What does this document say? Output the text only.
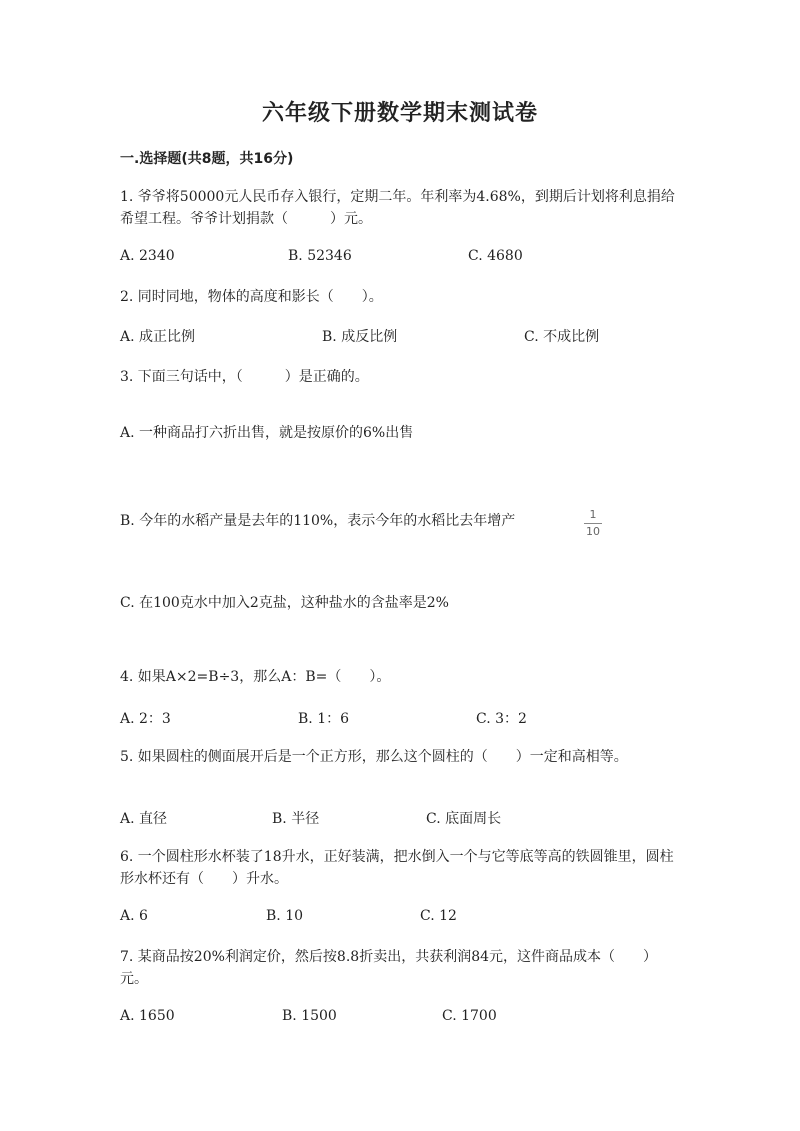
六年级下册数学期末测试卷
一.选择题(共8题，共16分)
1. 爷爷将50000元人民币存入银行，定期二年。年利率为4.68%，到期后计划将利息捐给希望工程。爷爷计划捐款（　　　）元。
A. 2340	B. 52346	C. 4680
2. 同时同地，物体的高度和影长（　　）。
A. 成正比例	B. 成反比例	C. 不成比例
3. 下面三句话中，（　　　）是正确的。
A. 一种商品打六折出售，就是按原价的6%出售
B. 今年的水稻产量是去年的110%，表示今年的水稻比去年增产	1
10
C. 在100克水中加入2克盐，这种盐水的含盐率是2%
4. 如果A×2=B÷3，那么A：B=（　　）。
A. 2：3	B. 1：6	C. 3：2
5. 如果圆柱的侧面展开后是一个正方形，那么这个圆柱的（　　）一定和高相等。
A. 直径	B. 半径	C. 底面周长
6. 一个圆柱形水杯装了18升水，正好装满，把水倒入一个与它等底等高的铁圆锥里，圆柱形水杯还有（　　）升水。
A. 6	B. 10	C. 12
7. 某商品按20%利润定价，然后按8.8折卖出，共获利润84元，这件商品成本（　　）元。
A. 1650	B. 1500	C. 1700
